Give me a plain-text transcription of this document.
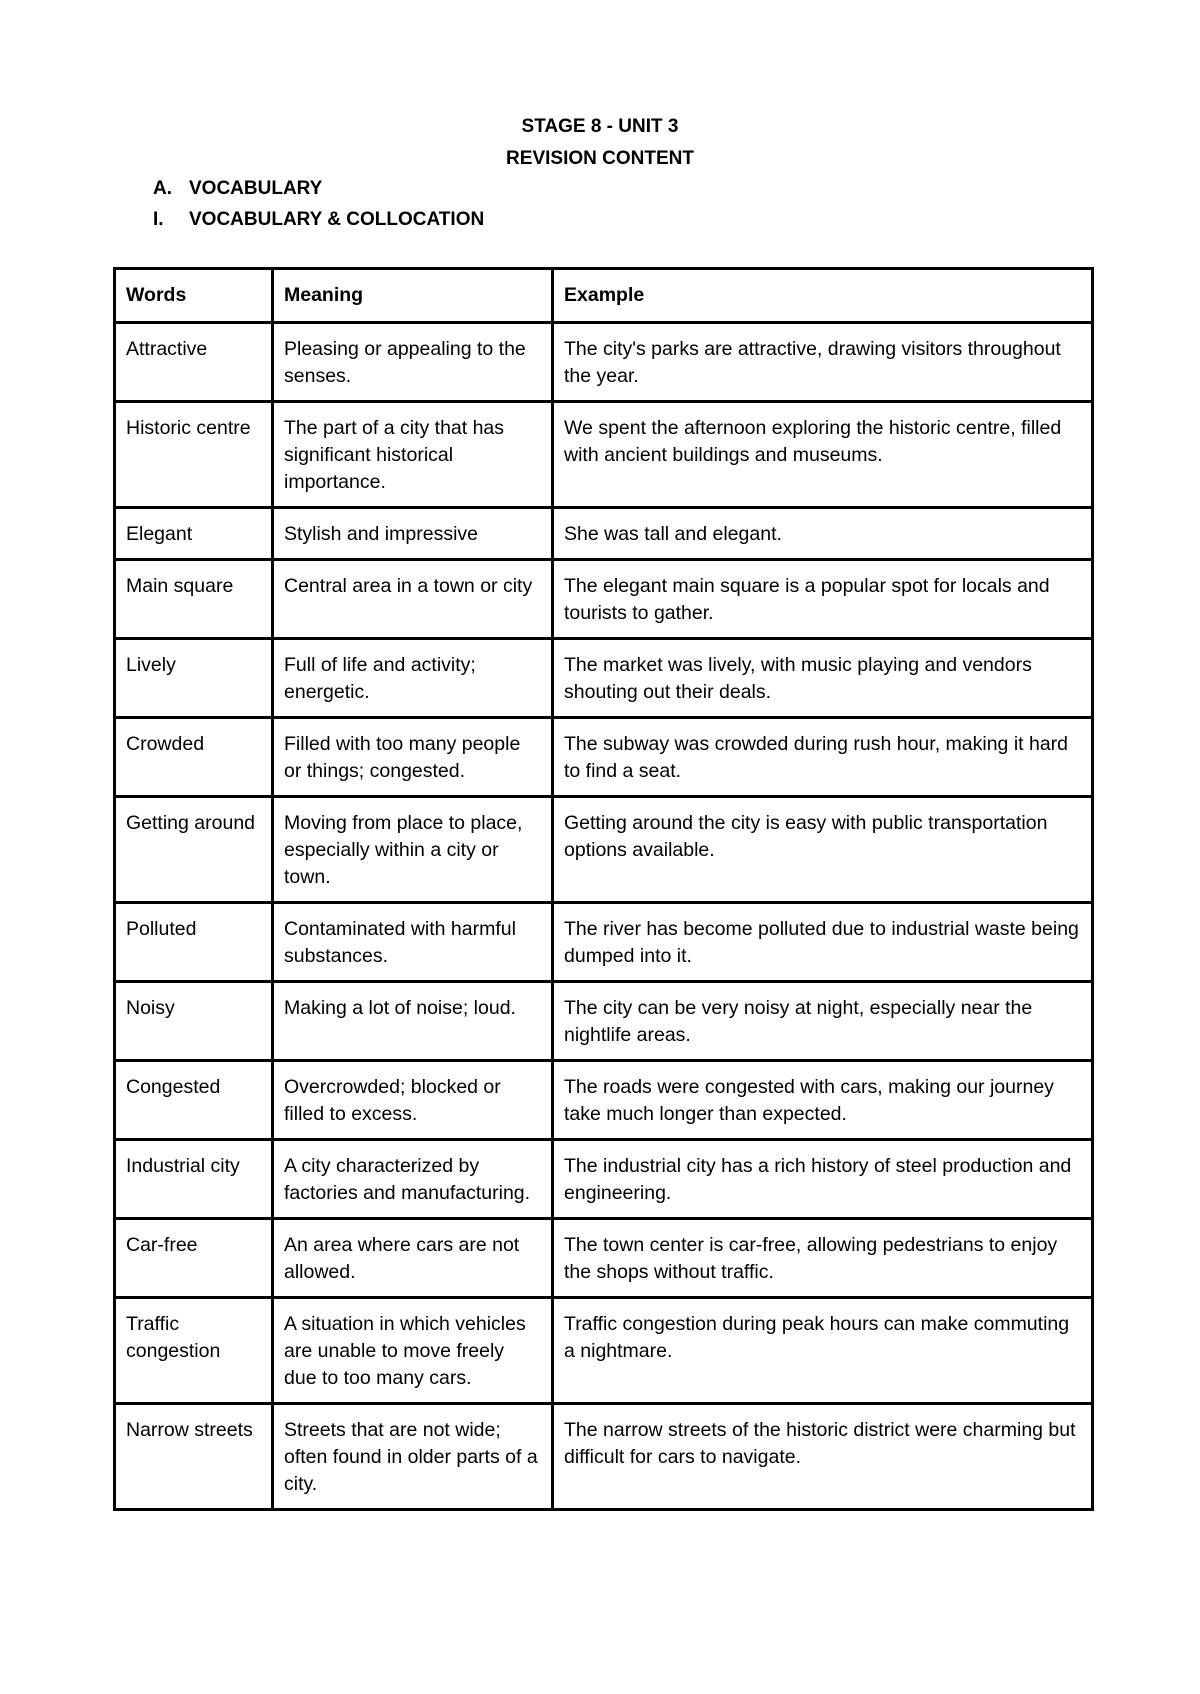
STAGE 8 - UNIT 3
REVISION CONTENT
A. VOCABULARY
I. VOCABULARY & COLLOCATION
Words	Meaning	Example
Attractive	Pleasing or appealing to the senses.	The city's parks are attractive, drawing visitors throughout the year.
Historic centre	The part of a city that has significant historical importance.	We spent the afternoon exploring the historic centre, filled with ancient buildings and museums.
Elegant	Stylish and impressive	She was tall and elegant.
Main square	Central area in a town or city	The elegant main square is a popular spot for locals and tourists to gather.
Lively	Full of life and activity; energetic.	The market was lively, with music playing and vendors shouting out their deals.
Crowded	Filled with too many people or things; congested.	The subway was crowded during rush hour, making it hard to find a seat.
Getting around	Moving from place to place, especially within a city or town.	Getting around the city is easy with public transportation options available.
Polluted	Contaminated with harmful substances.	The river has become polluted due to industrial waste being dumped into it.
Noisy	Making a lot of noise; loud.	The city can be very noisy at night, especially near the nightlife areas.
Congested	Overcrowded; blocked or filled to excess.	The roads were congested with cars, making our journey take much longer than expected.
Industrial city	A city characterized by factories and manufacturing.	The industrial city has a rich history of steel production and engineering.
Car-free	An area where cars are not allowed.	The town center is car-free, allowing pedestrians to enjoy the shops without traffic.
Traffic congestion	A situation in which vehicles are unable to move freely due to too many cars.	Traffic congestion during peak hours can make commuting a nightmare.
Narrow streets	Streets that are not wide; often found in older parts of a city.	The narrow streets of the historic district were charming but difficult for cars to navigate.
